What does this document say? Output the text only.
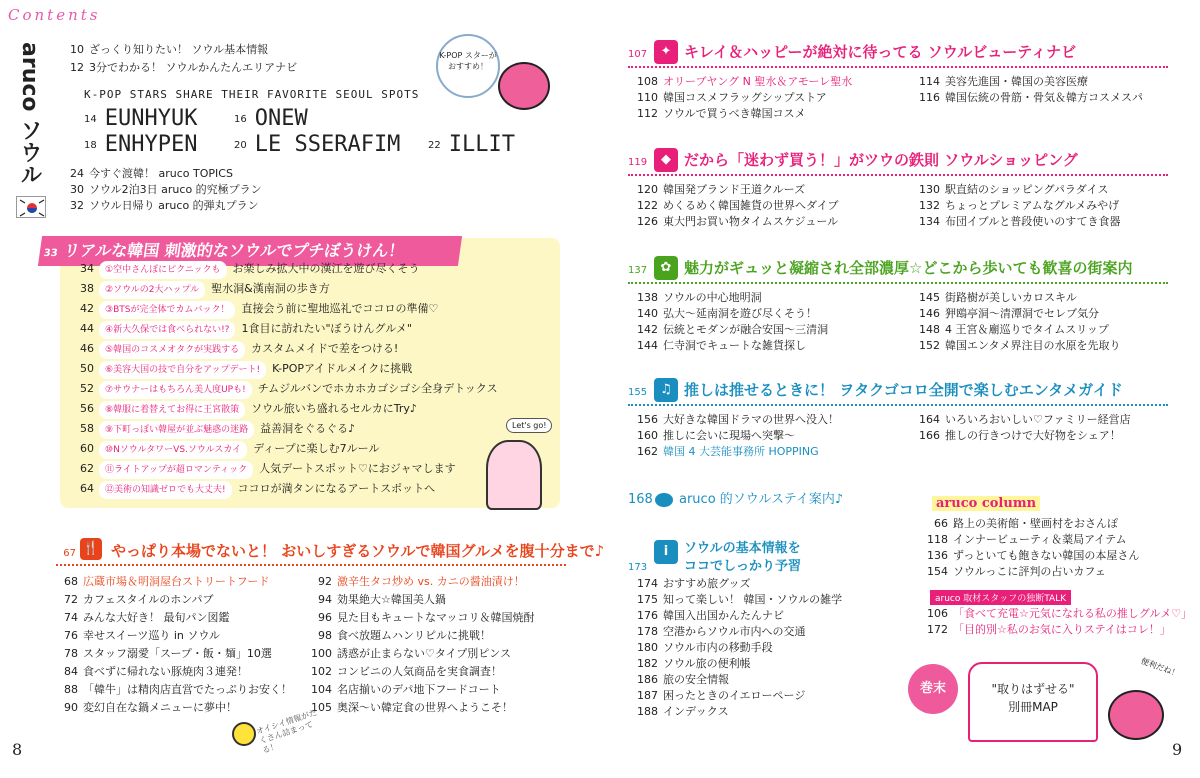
Contents
aruco ソウル	10 ざっくり知りたい！ ソウル基本情報
12 3分でわかる！ ソウルかんたんエリアナビ
K-POP STARS SHARE THEIR FAVORITE SEOUL SPOTS
K-POP スターが おすすめ！
14 EUNHYUK	16 ONEW
18 ENHYPEN	20 LE SSERAFIM	22 ILLIT
24 今すぐ渡韓！ aruco TOPICS
30 ソウル2泊3日 aruco 的究極プラン
32 ソウル日帰り aruco 的弾丸プラン
33 リアルな韓国 刺激的なソウルでプチぼうけん！
34 ①空中さんぽにピクニックも お楽しみ拡大中の漢江を遊び尽くそう
38 ②ソウルの2大ハップル 聖水洞&漢南洞の歩き方
42 ③BTSが完全体でカムバック！ 直接会う前に聖地巡礼でココロの準備♡
44 ④新大久保では食べられない!? 1食目に訪れたい"ぼうけんグルメ"
46 ⑤韓国のコスメオタクが実践する カスタムメイドで差をつける!
50 ⑥美容大国の技で自分をアップデート! K-POPアイドルメイクに挑戦
52 ⑦サウナーはもちろん美人度UPも! チムジルバンでホカホカゴシゴシ全身デトックス
56 ⑧韓服に着替えてお得に王宮散策 ソウル旅いち盛れるセルカにTry♪
58 ⑨下町っぽい韓屋が並ぶ魅惑の迷路 益善洞をぐるぐる♪
60 ⑩NソウルタワーVS.ソウルスカイ ディープに楽しむ7ルール
62 ⑪ライトアップが超ロマンティック 人気デートスポット♡におジャマします
64 ⑫美術の知識ゼロでも大丈夫! ココロが満タンになるアートスポットへ
Let's go!
67 やっぱり本場でないと！ おいしすぎるソウルで韓国グルメを腹十分まで♪
🍴
68 広蔵市場＆明洞屋台ストリートフード
72 カフェスタイルのホンパブ
74 みんな大好き！ 最旬パン図鑑
76 幸せスイーツ巡り in ソウル
78 スタッフ溺愛「スープ・飯・麺」10選
84 食べずに帰れない豚焼肉３連発！
88 「韓牛」は精肉店直営でたっぷりお安く！
90 変幻自在な鍋メニューに夢中！
92 激辛生タコ炒め vs. カニの醤油漬け！
94 効果絶大☆韓国美人鍋
96 見た目もキュートなマッコリ＆韓国焼酎
98 食べ放題ムハンリピルに挑戦！
100 誘惑が止まらない♡タイプ別ピンス
102 コンビニの人気商品を実食調査！
104 名店揃いのデパ地下フードコート
105 奥深〜い韓定食の世界へようこそ！
オイシイ情報がたくさん詰まってる！
8
107 ✦ キレイ＆ハッピーが絶対に待ってる ソウルビューティナビ
108 オリーブヤング N 聖水＆アモーレ聖水
110 韓国コスメフラッグシップストア
112 ソウルで買うべき韓国コスメ
114 美容先進国・韓国の美容医療
116 韓国伝統の骨筋・骨気＆韓方コスメスパ
119 ◆ だから「迷わず買う！」がツウの鉄則 ソウルショッピング
120 韓国発ブランド王道クルーズ
122 めくるめく韓国雑貨の世界へダイブ
126 東大門お買い物タイムスケジュール
130 駅直結のショッピングパラダイス
132 ちょっとプレミアムなグルメみやげ
134 布団イブルと普段使いのすてき食器
137 ✿ 魅力がギュッと凝縮され全部濃厚☆どこから歩いても歓喜の街案内
138 ソウルの中心地明洞
140 弘大〜延南洞を遊び尽くそう！
142 伝統とモダンが融合安国〜三清洞
144 仁寺洞でキュートな雑貨探し
145 街路樹が美しいカロスキル
146 狎鴎亭洞〜清潭洞でセレブ気分
148 4 王宮＆廟巡りでタイムスリップ
152 韓国エンタメ界注目の水原を先取り
155 ♫ 推しは推せるときに！ ヲタクゴコロ全開で楽しむエンタメガイド
156 大好きな韓国ドラマの世界へ没入！
160 推しに会いに現場へ突撃〜
162 韓国 4 大芸能事務所 HOPPING
164 いろいろおいしい♡ファミリー経営店
166 推しの行きつけで大好物をシェア！
168 aruco 的ソウルステイ案内♪
173i ソウルの基本情報を
ココでしっかり予習
174 おすすめ旅グッズ
175 知って楽しい！ 韓国・ソウルの雑学
176 韓国入出国かんたんナビ
178 空港からソウル市内への交通
180 ソウル市内の移動手段
182 ソウル旅の便利帳
186 旅の安全情報
187 困ったときのイエローページ
188 インデックス
aruco column
66 路上の美術館・壁画村をおさんぽ
118 インナービューティ＆薬局アイテム
136 ずっといても飽きない韓国の本屋さん
154 ソウルっこに評判の占いカフェ
aruco 取材スタッフの独断TALK
106 「食べて充電☆元気になれる私の推しグルメ♡」
172 「目的別☆私のお気に入りステイはコレ！」
巻末	"取りはずせる"
別冊MAP
便利だね！
9
